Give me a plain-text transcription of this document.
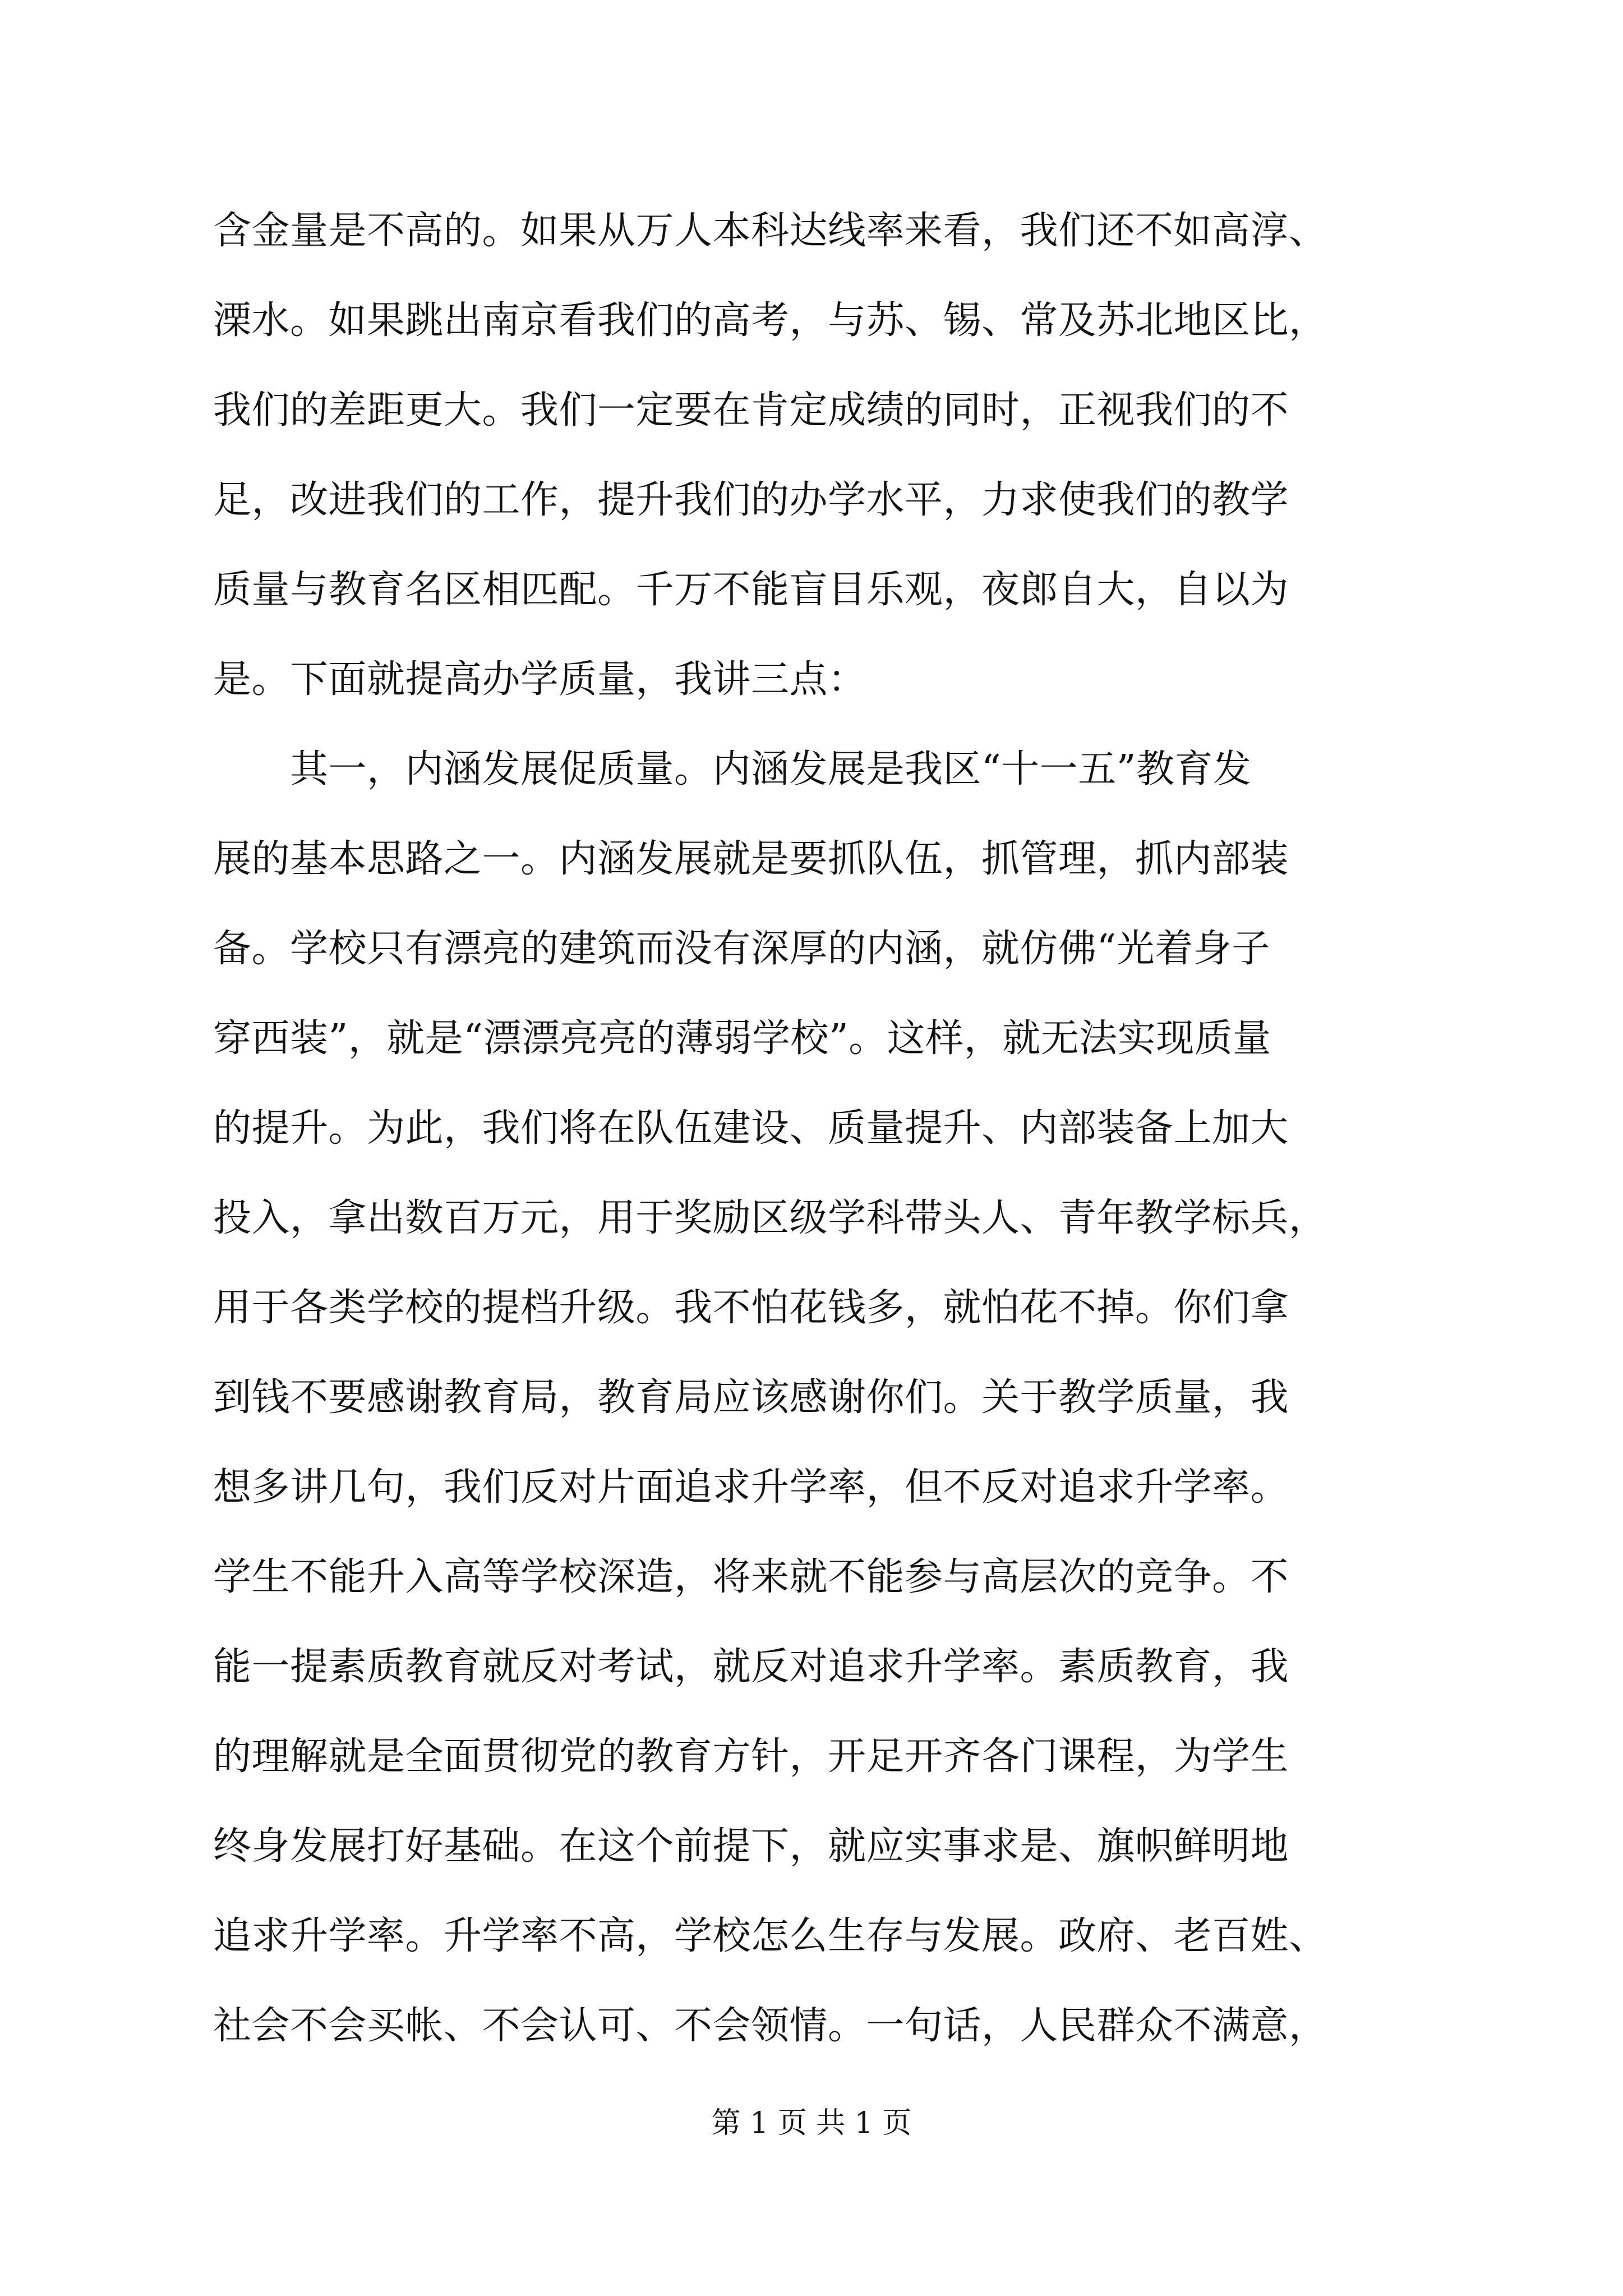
含金量是不高的。如果从万人本科达线率来看，我们还不如高淳、
溧水。如果跳出南京看我们的高考，与苏、锡、常及苏北地区比，
我们的差距更大。我们一定要在肯定成绩的同时，正视我们的不
足，改进我们的工作，提升我们的办学水平，力求使我们的教学
质量与教育名区相匹配。千万不能盲目乐观，夜郎自大，自以为
是。下面就提高办学质量，我讲三点：
　　其一，内涵发展促质量。内涵发展是我区“十一五”教育发
展的基本思路之一。内涵发展就是要抓队伍，抓管理，抓内部装
备。学校只有漂亮的建筑而没有深厚的内涵，就仿佛“光着身子
穿西装”，就是“漂漂亮亮的薄弱学校”。这样，就无法实现质量
的提升。为此，我们将在队伍建设、质量提升、内部装备上加大
投入，拿出数百万元，用于奖励区级学科带头人、青年教学标兵，
用于各类学校的提档升级。我不怕花钱多，就怕花不掉。你们拿
到钱不要感谢教育局，教育局应该感谢你们。关于教学质量，我
想多讲几句，我们反对片面追求升学率，但不反对追求升学率。
学生不能升入高等学校深造，将来就不能参与高层次的竞争。不
能一提素质教育就反对考试，就反对追求升学率。素质教育，我
的理解就是全面贯彻党的教育方针，开足开齐各门课程，为学生
终身发展打好基础。在这个前提下，就应实事求是、旗帜鲜明地
追求升学率。升学率不高，学校怎么生存与发展。政府、老百姓、
社会不会买帐、不会认可、不会领情。一句话，人民群众不满意，
第 1 页 共 1 页
